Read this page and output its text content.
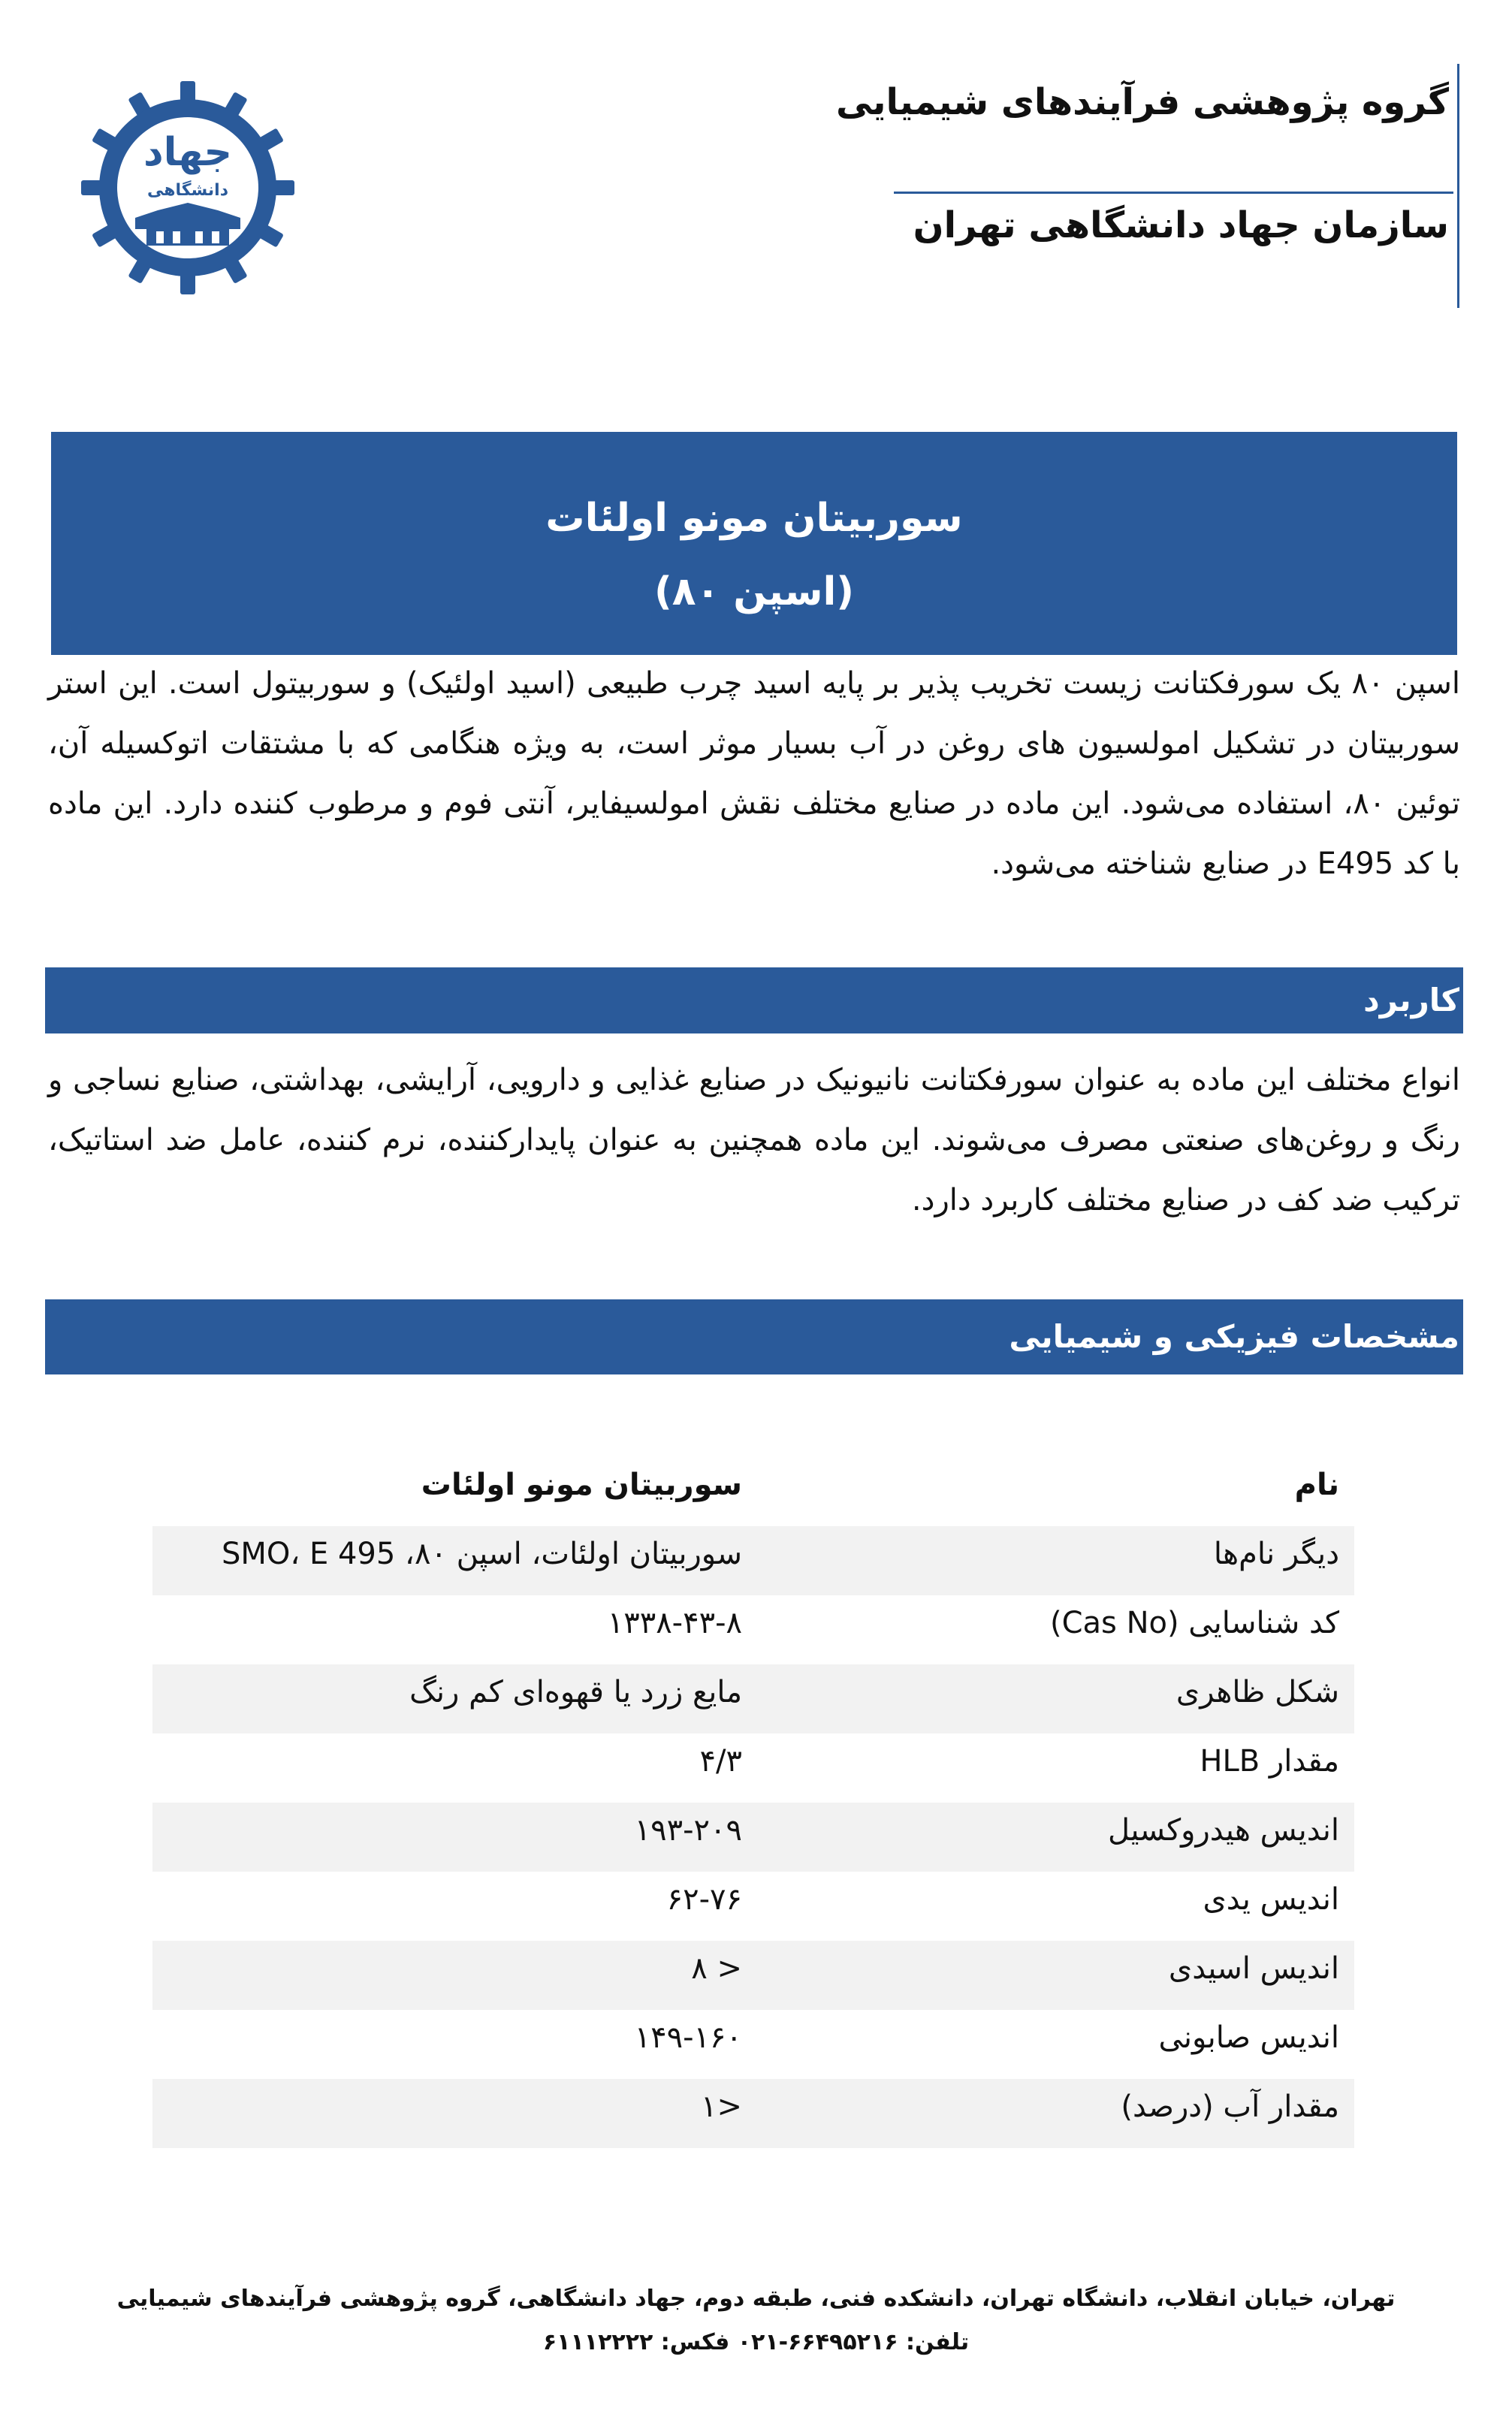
گروه پژوهشی فرآیندهای شیمیایی
سازمان جهاد دانشگاهی تهران
جهاد
دانشگاهی
سوربیتان مونو اولئات
(اسپن ۸۰)
اسپن ۸۰ یک سورفکتانت زیست تخریب پذیر بر پایه اسید چرب طبیعی (اسید اولئیک) و سوربیتول است. این استر سوربیتان در تشکیل امولسیون های روغن در آب بسیار موثر است، به ویژه هنگامی که با مشتقات اتوکسیله آن، توئین ۸۰، استفاده می‌شود. این ماده در صنایع مختلف نقش امولسیفایر، آنتی فوم و مرطوب کننده دارد. این ماده با کد E495 در صنایع شناخته می‌شود.
کاربرد
انواع مختلف این ماده به عنوان سورفکتانت نانیونیک در صنایع غذایی و دارویی، آرایشی، بهداشتی، صنایع نساجی و رنگ و روغن‌های صنعتی مصرف می‌شوند. این ماده همچنین به عنوان پایدارکننده، نرم کننده، عامل ضد استاتیک، ترکیب ضد کف در صنایع مختلف کاربرد دارد.
مشخصات فیزیکی و شیمیایی
نام
سوربیتان مونو اولئات
دیگر نام‌ها
سوربیتان اولئات، اسپن ۸۰، SMO، E 495
کد شناسایی (Cas No)
۱۳۳۸-۴۳-۸
شکل ظاهری
مایع زرد یا قهوه‌ای کم رنگ
مقدار HLB
۴/۳
اندیس هیدروکسیل
۱۹۳-۲۰۹
اندیس یدی
۶۲-۷۶
اندیس اسیدی
۸ >
اندیس صابونی
۱۴۹-۱۶۰
مقدار آب (درصد)
۱>
تهران، خیابان انقلاب، دانشگاه تهران، دانشکده فنی، طبقه دوم، جهاد دانشگاهی، گروه پژوهشی فرآیندهای شیمیایی
تلفن: ۶۶۴۹۵۲۱۶-۰۲۱ فکس: ۶۱۱۱۲۲۲۲
